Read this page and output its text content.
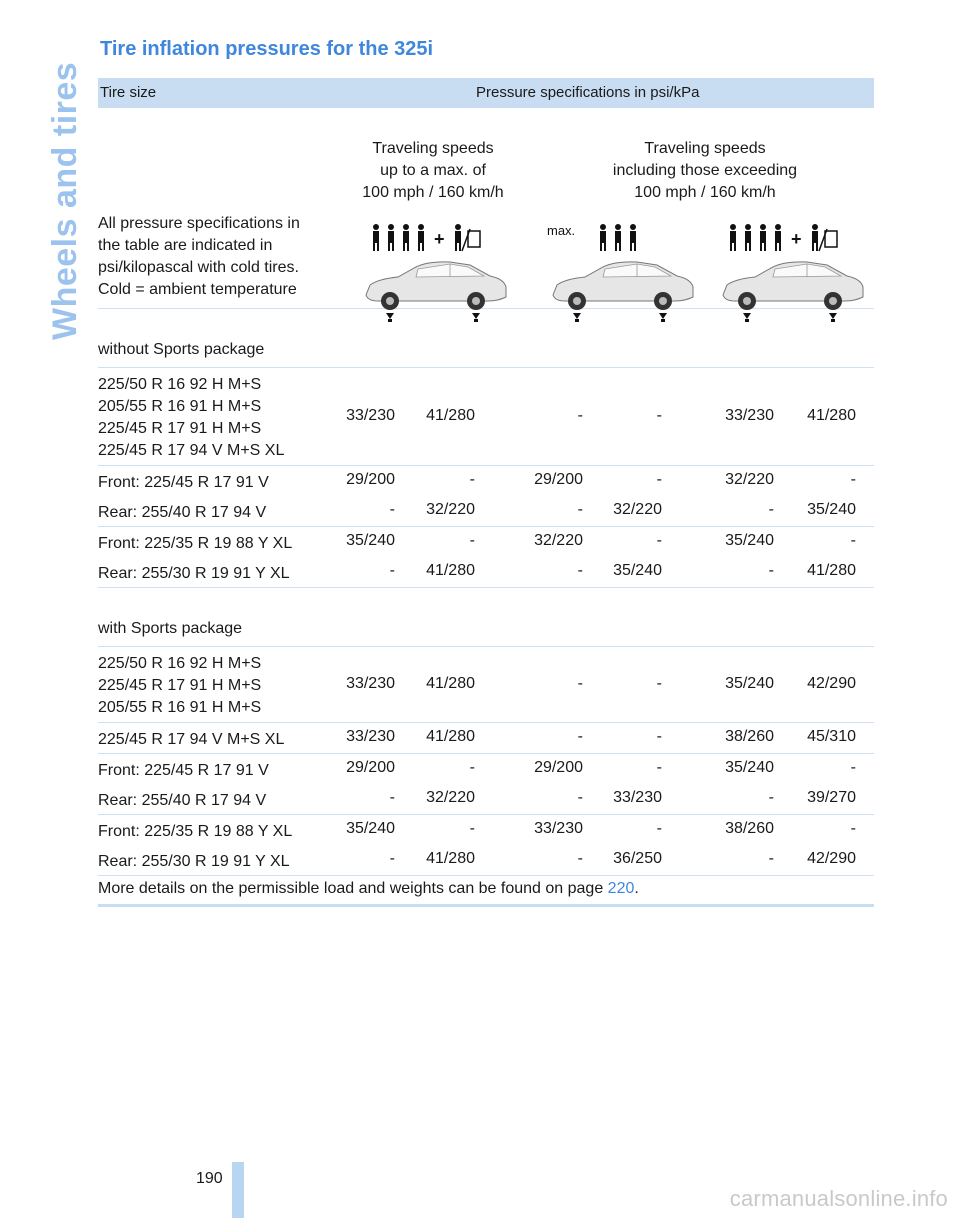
Wheels and tires
Tire inflation pressures for the 325i
Tire size	Pressure specifications in psi/kPa
Traveling speeds
up to a max. of
100 mph / 160 km/h
Traveling speeds
including those exceeding
100 mph / 160 km/h
All pressure specifications in
the table are indicated in
psi/kilopascal with cold tires.
Cold = ambient temperature
+	max.	+
without Sports package
225/50 R 16 92 H M+S
205/55 R 16 91 H M+S
225/45 R 17 91 H M+S
225/45 R 17 94 V M+S XL
33/230 41/280	-	-	33/230 41/280
Front: 225/45 R 17 91 V	29/200	-	29/200	-	32/220	-
Rear: 255/40 R 17 94 V	- 32/220	- 32/220	- 35/240
Front: 225/35 R 19 88 Y XL	35/240	-	32/220	-	35/240	-
Rear: 255/30 R 19 91 Y XL	- 41/280	- 35/240	- 41/280
with Sports package
225/50 R 16 92 H M+S
225/45 R 17 91 H M+S
205/55 R 16 91 H M+S
33/230 41/280	-	-	35/240 42/290
225/45 R 17 94 V M+S XL	33/230 41/280	-	-	38/260 45/310
Front: 225/45 R 17 91 V	29/200	-	29/200	-	35/240	-
Rear: 255/40 R 17 94 V	- 32/220	- 33/230	- 39/270
Front: 225/35 R 19 88 Y XL	35/240	-	33/230	-	38/260	-
Rear: 255/30 R 19 91 Y XL	- 41/280	- 36/250	- 42/290
More details on the permissible load and weights can be found on page 220.
190
carmanualsonline.info
